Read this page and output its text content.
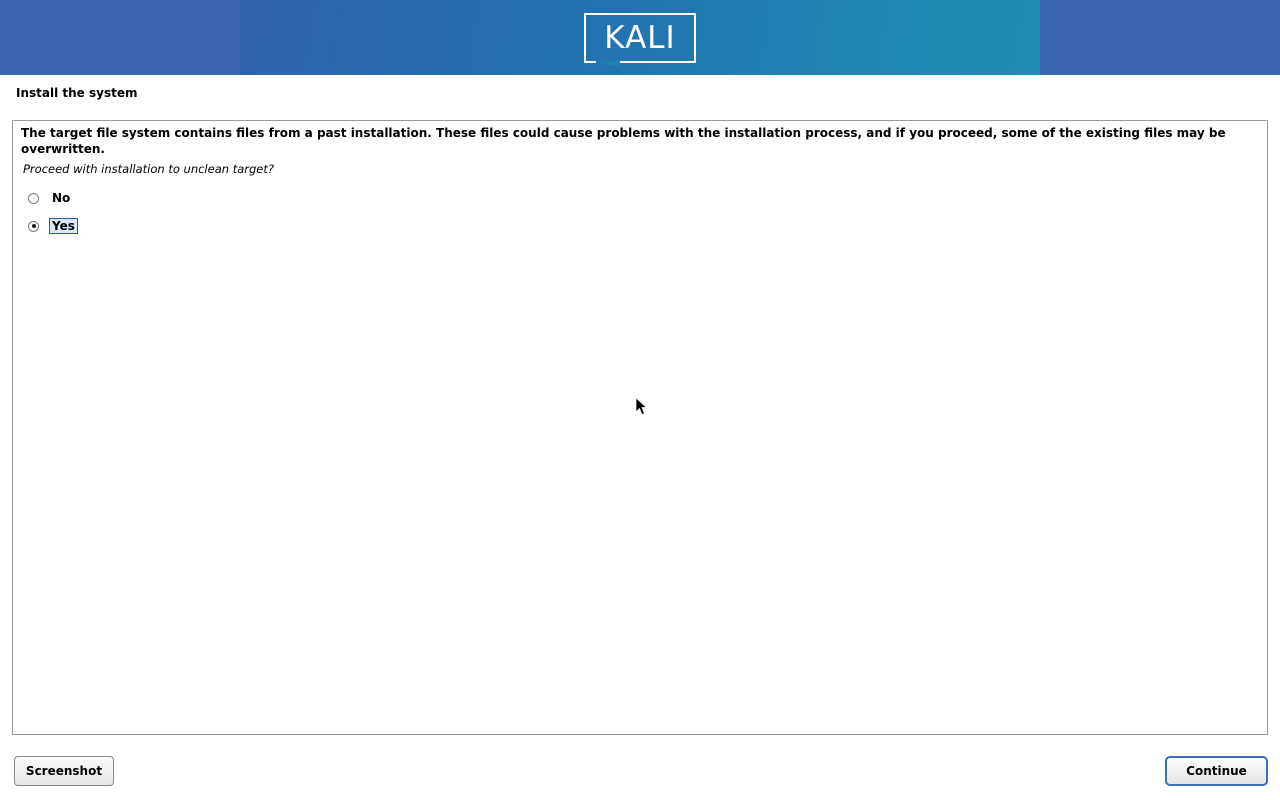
KALI
Install the system
The target file system contains files from a past installation. These files could cause problems with the installation process, and if you proceed, some of the existing files may be overwritten.
Proceed with installation to unclean target?
No
Yes
Screenshot	Continue
